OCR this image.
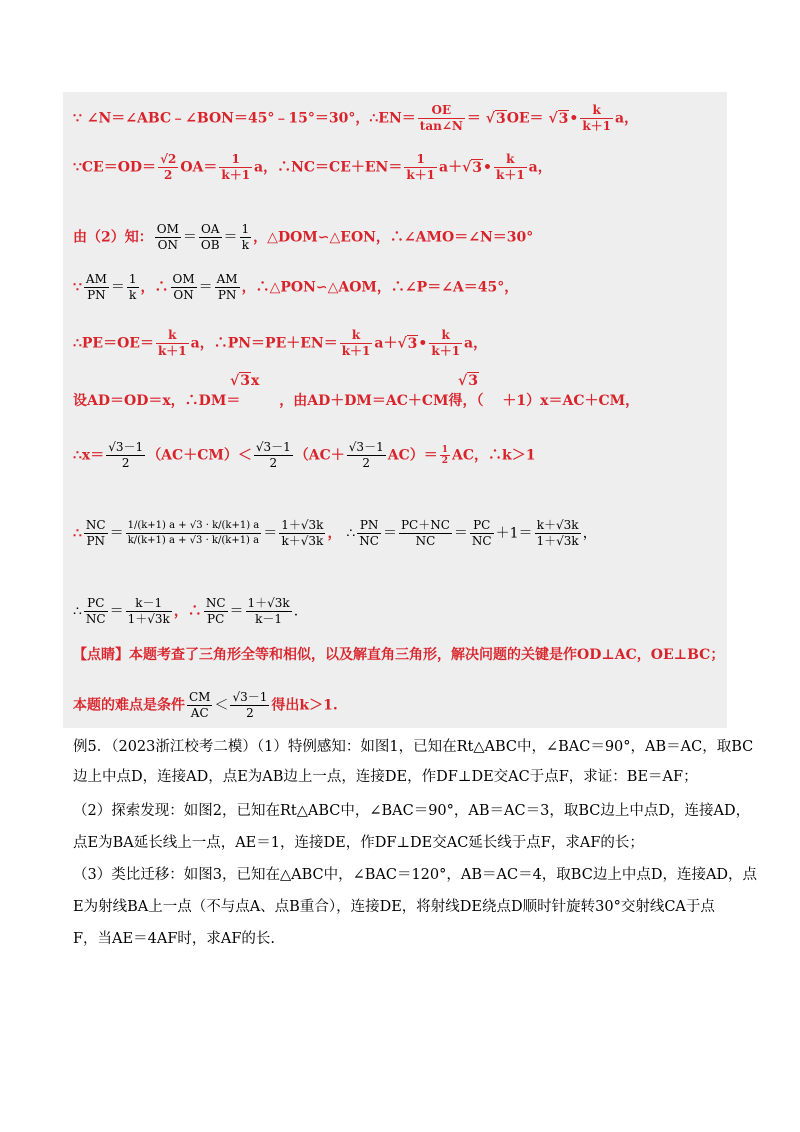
∵ ∠N＝∠ABC﹣∠BON＝45°﹣15°＝30°，∴EN＝ $\frac{OE}{\tan\angle N} = √3OE=$ √3• $\frac{k}{k+1}$ a，
∵CE＝OD＝ $\frac{√2}{2} OA= \frac{1}{k+1}$ a，∴NC＝CE＋EN＝ $\frac{1}{k+1}$ a＋√3• $\frac{k}{k+1}$ a，
由（2）知： $\frac{OM}{ON} = \frac{OA}{OB} = \frac{1}{k}$ ，△DOM∽△EON，∴∠AMO＝∠N＝30°
∵ $\frac{AM}{PN} = \frac{1}{k}$ ，∴ $\frac{OM}{ON} = \frac{AM}{PN}$ ，∴△PON∽△AOM，∴∠P＝∠A＝45°，
∴PE＝OE＝ $\frac{k}{k+1}$ a，∴PN＝PE＋EN＝ $\frac{k}{k+1}$ a＋√3• $\frac{k}{k+1}$ a，
设AD＝OD＝x，∴DM＝
√3x
，由AD＋DM＝AC＋CM得，（
√3
＋1）x＝AC＋CM，
∴x＝ $\frac{√3-1}{2} (AC+CM)< \frac{√3-1}{2} (AC+ \frac{√3-1}{2} AC)= \frac{1}{2}$ AC，∴k＞1
∴ $\frac{NC}{PN} = \frac{1/(k+1) a + √3 \cdot k/(k+1) a}{k/(k+1) a + √3 \cdot k/(k+1) a} = \frac{1+√3k}{k+√3k}$ ， ∴ $\frac{PN}{NC} = \frac{PC+NC}{NC} = \frac{PC}{NC} +1= \frac{k+√3k}{1+√3k}$ ，
∴ $\frac{PC}{NC} = \frac{k-1}{1+√3k}$ ，∴ $\frac{NC}{PC} = \frac{1+√3k}{k-1}$ .
【点睛】本题考查了三角形全等和相似，以及解直角三角形，解决问题的关键是作OD⊥AC，OE⊥BC；
本题的难点是条件 $\frac{CM}{AC} < \frac{√3-1}{2}$ 得出k＞1.
例5．（2023浙江校考二模）（1）特例感知：如图1，已知在Rt△ABC中，∠BAC＝90°，AB＝AC，取BC
边上中点D，连接AD，点E为AB边上一点，连接DE，作DF⊥DE交AC于点F，求证：BE＝AF；
（2）探索发现：如图2，已知在Rt△ABC中，∠BAC＝90°，AB＝AC＝3，取BC边上中点D，连接AD，
点E为BA延长线上一点，AE＝1，连接DE，作DF⊥DE交AC延长线于点F，求AF的长；
（3）类比迁移：如图3，已知在△ABC中，∠BAC＝120°，AB＝AC＝4，取BC边上中点D，连接AD，点
E为射线BA上一点（不与点A、点B重合），连接DE，将射线DE绕点D顺时针旋转30°交射线CA于点
F，当AE＝4AF时，求AF的长.
